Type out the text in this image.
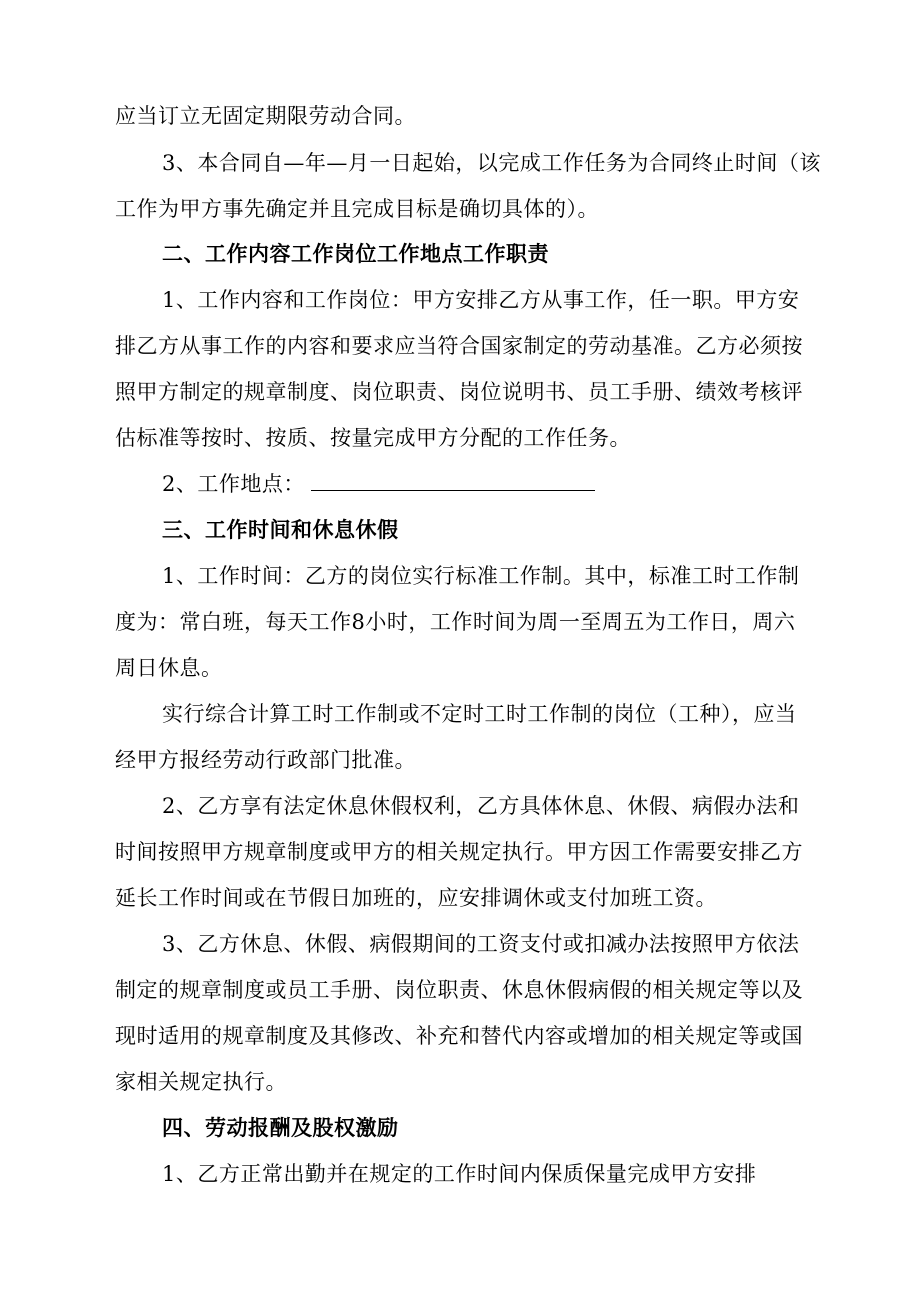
应当订立无固定期限劳动合同。
3、本合同自—年—月一日起始，以完成工作任务为合同终止时间（该
工作为甲方事先确定并且完成目标是确切具体的）。
二、工作内容工作岗位工作地点工作职责
1、工作内容和工作岗位：甲方安排乙方从事工作，任一职。甲方安
排乙方从事工作的内容和要求应当符合国家制定的劳动基准。乙方必须按
照甲方制定的规章制度、岗位职责、岗位说明书、员工手册、绩效考核评
估标准等按时、按质、按量完成甲方分配的工作任务。
2、工作地点：
三、工作时间和休息休假
1、工作时间：乙方的岗位实行标准工作制。其中，标准工时工作制
度为：常白班，每天工作8小时，工作时间为周一至周五为工作日，周六
周日休息。
实行综合计算工时工作制或不定时工时工作制的岗位（工种），应当
经甲方报经劳动行政部门批准。
2、乙方享有法定休息休假权利，乙方具体休息、休假、病假办法和
时间按照甲方规章制度或甲方的相关规定执行。甲方因工作需要安排乙方
延长工作时间或在节假日加班的，应安排调休或支付加班工资。
3、乙方休息、休假、病假期间的工资支付或扣减办法按照甲方依法
制定的规章制度或员工手册、岗位职责、休息休假病假的相关规定等以及
现时适用的规章制度及其修改、补充和替代内容或增加的相关规定等或国
家相关规定执行。
四、劳动报酬及股权激励
1、乙方正常出勤并在规定的工作时间内保质保量完成甲方安排
